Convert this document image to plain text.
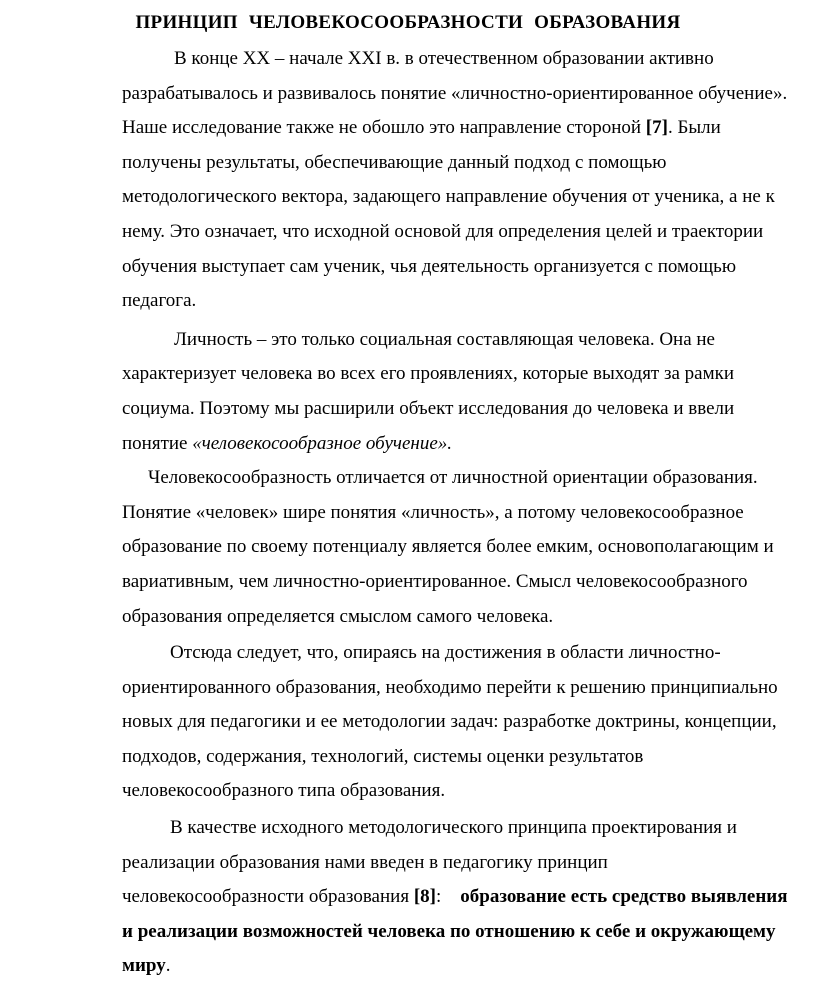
ПРИНЦИП ЧЕЛОВЕКОСООБРАЗНОСТИ ОБРАЗОВАНИЯ

В конце XX – начале XXI в. в отечественном образовании активно разрабатывалось и развивалось понятие «личностно-ориентированное обучение». Наше исследование также не обошло это направление стороной [7]. Были получены результаты, обеспечивающие данный подход с помощью методологического вектора, задающего направление обучения от ученика, а не к нему. Это означает, что исходной основой для определения целей и траектории обучения выступает сам ученик, чья деятельность организуется с помощью педагога.

Личность – это только социальная составляющая человека. Она не характеризует человека во всех его проявлениях, которые выходят за рамки социума. Поэтому мы расширили объект исследования до человека и ввели понятие «человекосообразное обучение».

Человекосообразность отличается от личностной ориентации образования. Понятие «человек» шире понятия «личность», а потому человекосообразное образование по своему потенциалу является более емким, основополагающим и вариативным, чем личностно-ориентированное. Смысл человекосообразного образования определяется смыслом самого человека.

Отсюда следует, что, опираясь на достижения в области личностно-ориентированного образования, необходимо перейти к решению принципиально новых для педагогики и ее методологии задач: разработке доктрины, концепции, подходов, содержания, технологий, системы оценки результатов человекосообразного типа образования.

В качестве исходного методологического принципа проектирования и реализации образования нами введен в педагогику принцип человекосообразности образования [8]:    образование есть средство выявления и реализации возможностей человека по отношению к себе и окружающему миру.
